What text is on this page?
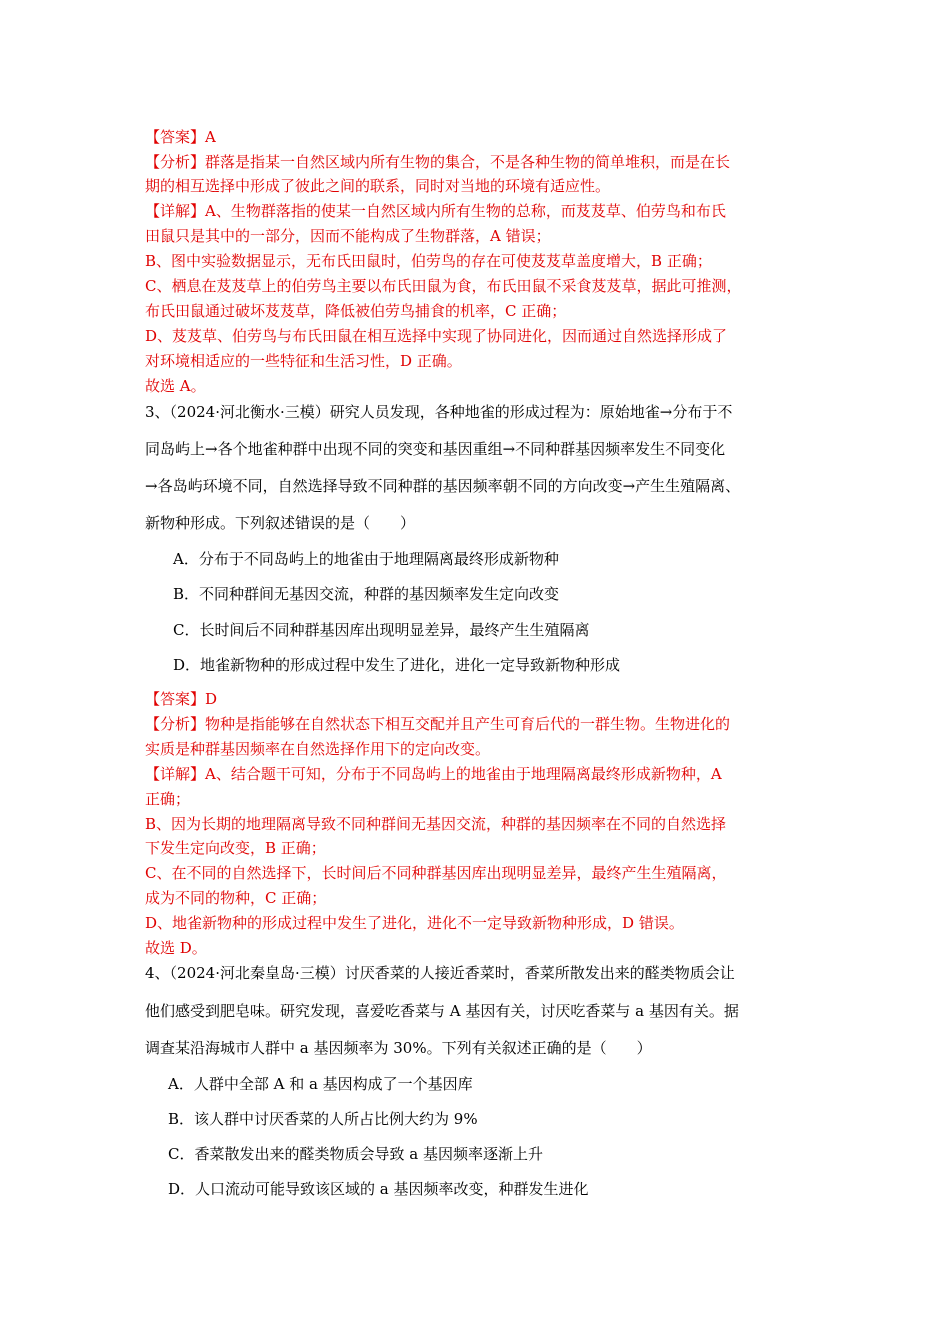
【答案】A
【分析】群落是指某一自然区域内所有生物的集合，不是各种生物的简单堆积，而是在长
期的相互选择中形成了彼此之间的联系，同时对当地的环境有适应性。
【详解】A、生物群落指的使某一自然区域内所有生物的总称，而芨芨草、伯劳鸟和布氏
田鼠只是其中的一部分，因而不能构成了生物群落，A 错误；
B、图中实验数据显示，无布氏田鼠时，伯劳鸟的存在可使芨芨草盖度增大，B 正确；
C、栖息在芨芨草上的伯劳鸟主要以布氏田鼠为食，布氏田鼠不采食芨芨草，据此可推测，
布氏田鼠通过破坏芨芨草，降低被伯劳鸟捕食的机率，C 正确；
D、芨芨草、伯劳鸟与布氏田鼠在相互选择中实现了协同进化，因而通过自然选择形成了
对环境相适应的一些特征和生活习性，D 正确。
故选 A。
3、（2024·河北衡水·三模）研究人员发现，各种地雀的形成过程为：原始地雀→分布于不
同岛屿上→各个地雀种群中出现不同的突变和基因重组→不同种群基因频率发生不同变化
→各岛屿环境不同，自然选择导致不同种群的基因频率朝不同的方向改变→产生生殖隔离、
新物种形成。下列叙述错误的是（　　）
A．分布于不同岛屿上的地雀由于地理隔离最终形成新物种
B．不同种群间无基因交流，种群的基因频率发生定向改变
C．长时间后不同种群基因库出现明显差异，最终产生生殖隔离
D．地雀新物种的形成过程中发生了进化，进化一定导致新物种形成
【答案】D
【分析】物种是指能够在自然状态下相互交配并且产生可育后代的一群生物。生物进化的
实质是种群基因频率在自然选择作用下的定向改变。
【详解】A、结合题干可知，分布于不同岛屿上的地雀由于地理隔离最终形成新物种，A
正确；
B、因为长期的地理隔离导致不同种群间无基因交流，种群的基因频率在不同的自然选择
下发生定向改变，B 正确；
C、在不同的自然选择下，长时间后不同种群基因库出现明显差异，最终产生生殖隔离，
成为不同的物种，C 正确；
D、地雀新物种的形成过程中发生了进化，进化不一定导致新物种形成，D 错误。
故选 D。
4、（2024·河北秦皇岛·三模）讨厌香菜的人接近香菜时，香菜所散发出来的醛类物质会让
他们感受到肥皂味。研究发现，喜爱吃香菜与 A 基因有关，讨厌吃香菜与 a 基因有关。据
调查某沿海城市人群中 a 基因频率为 30%。下列有关叙述正确的是（　　）
A．人群中全部 A 和 a 基因构成了一个基因库
B．该人群中讨厌香菜的人所占比例大约为 9%
C．香菜散发出来的醛类物质会导致 a 基因频率逐渐上升
D．人口流动可能导致该区域的 a 基因频率改变，种群发生进化
